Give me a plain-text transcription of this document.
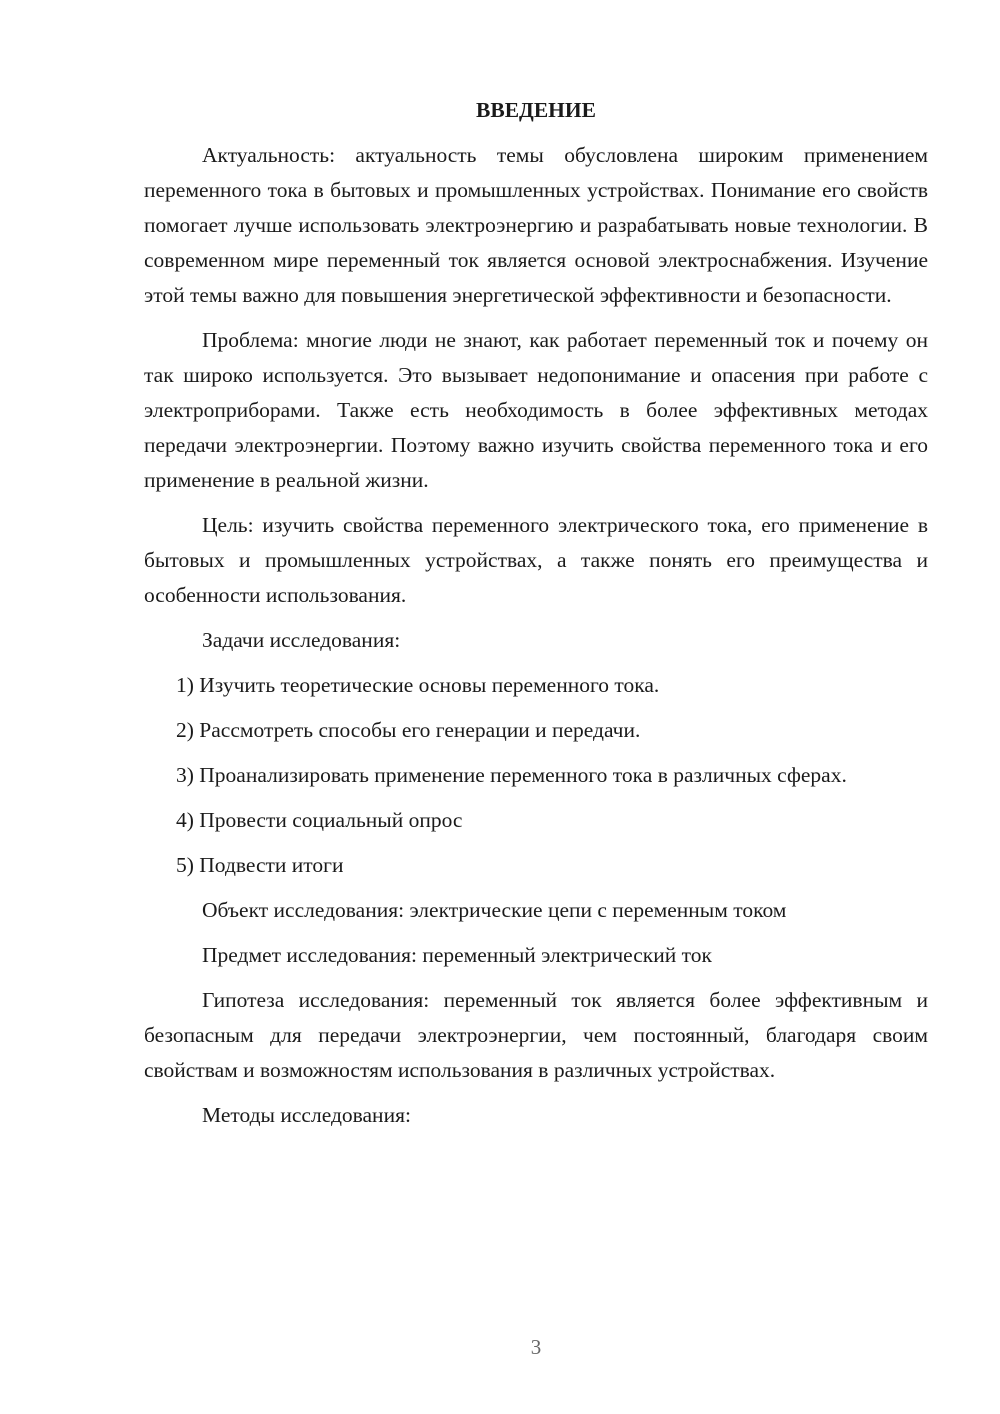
ВВЕДЕНИЕ

Актуальность: актуальность темы обусловлена широким применением переменного тока в бытовых и промышленных устройствах. Понимание его свойств помогает лучше использовать электроэнергию и разрабатывать новые технологии. В современном мире переменный ток является основой электроснабжения. Изучение этой темы важно для повышения энергетической эффективности и безопасности.

Проблема: многие люди не знают, как работает переменный ток и почему он так широко используется. Это вызывает недопонимание и опасения при работе с электроприборами. Также есть необходимость в более эффективных методах передачи электроэнергии. Поэтому важно изучить свойства переменного тока и его применение в реальной жизни.

Цель: изучить свойства переменного электрического тока, его применение в бытовых и промышленных устройствах, а также понять его преимущества и особенности использования.

Задачи исследования:

1) Изучить теоретические основы переменного тока.

2) Рассмотреть способы его генерации и передачи.

3) Проанализировать применение переменного тока в различных сферах.

4) Провести социальный опрос

5) Подвести итоги

Объект исследования: электрические цепи с переменным током

Предмет исследования: переменный электрический ток

Гипотеза исследования: переменный ток является более эффективным и безопасным для передачи электроэнергии, чем постоянный, благодаря своим свойствам и возможностям использования в различных устройствах.

Методы исследования:

3
